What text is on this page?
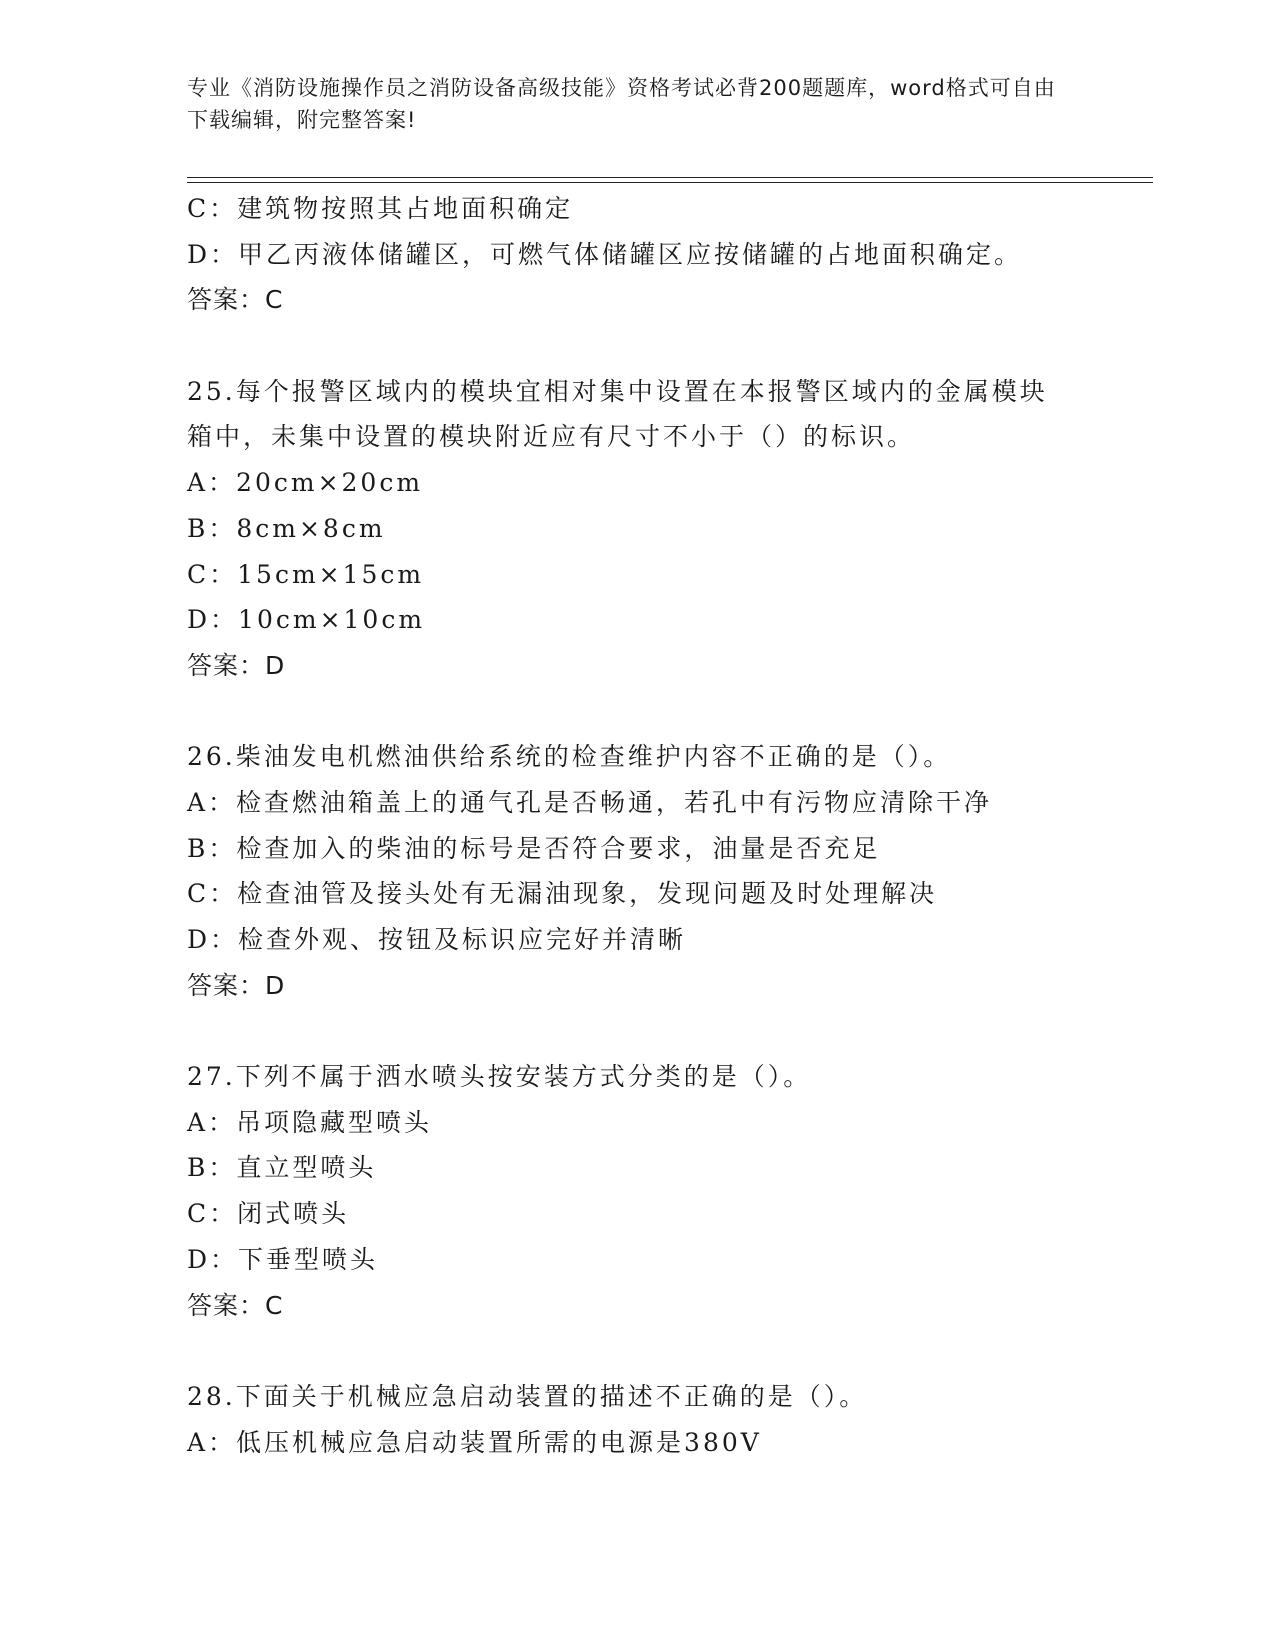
专业《消防设施操作员之消防设备高级技能》资格考试必背200题题库，word格式可自由下载编辑，附完整答案!
C：建筑物按照其占地面积确定
D：甲乙丙液体储罐区，可燃气体储罐区应按储罐的占地面积确定。
答案：C
25.每个报警区域内的模块宜相对集中设置在本报警区域内的金属模块箱中，未集中设置的模块附近应有尺寸不小于（）的标识。
A：20cm×20cm
B：8cm×8cm
C：15cm×15cm
D：10cm×10cm
答案：D
26.柴油发电机燃油供给系统的检查维护内容不正确的是（）。
A：检查燃油箱盖上的通气孔是否畅通，若孔中有污物应清除干净
B：检查加入的柴油的标号是否符合要求，油量是否充足
C：检查油管及接头处有无漏油现象，发现问题及时处理解决
D：检查外观、按钮及标识应完好并清晰
答案：D
27.下列不属于洒水喷头按安装方式分类的是（）。
A：吊项隐藏型喷头
B：直立型喷头
C：闭式喷头
D：下垂型喷头
答案：C
28.下面关于机械应急启动装置的描述不正确的是（）。
A：低压机械应急启动装置所需的电源是380V
